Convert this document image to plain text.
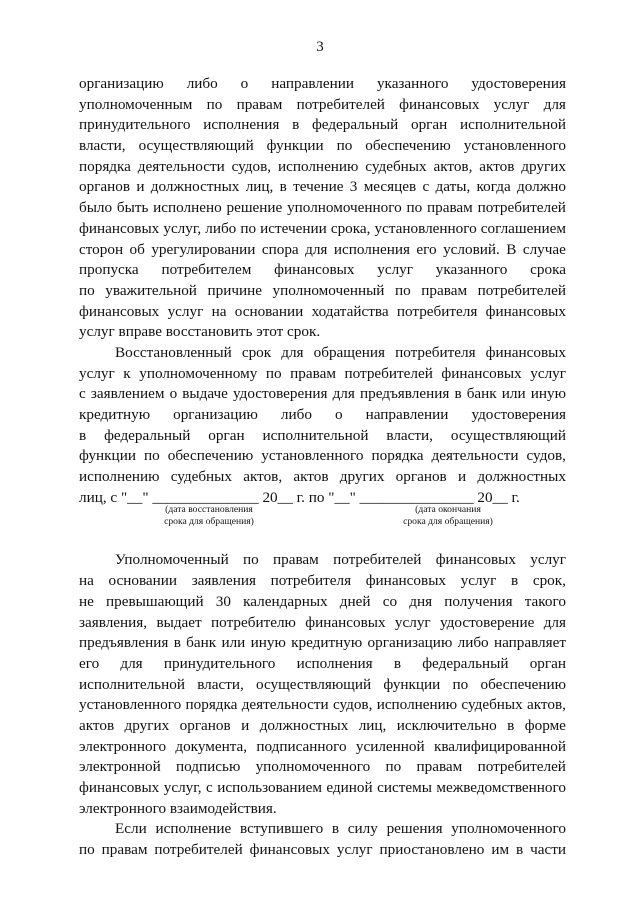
3
организацию либо о направлении указанного удостоверения
уполномоченным по правам потребителей финансовых услуг для
принудительного исполнения в федеральный орган исполнительной
власти, осуществляющий функции по обеспечению установленного
порядка деятельности судов, исполнению судебных актов, актов других
органов и должностных лиц, в течение 3 месяцев с даты, когда должно
было быть исполнено решение уполномоченного по правам потребителей
финансовых услуг, либо по истечении срока, установленного соглашением
сторон об урегулировании спора для исполнения его условий. В случае
пропуска потребителем финансовых услуг указанного срока
по уважительной причине уполномоченный по правам потребителей
финансовых услуг на основании ходатайства потребителя финансовых
услуг вправе восстановить этот срок.
Восстановленный срок для обращения потребителя финансовых
услуг к уполномоченному по правам потребителей финансовых услуг
с заявлением о выдаче удостоверения для предъявления в банк или иную
кредитную организацию либо о направлении удостоверения
в федеральный орган исполнительной власти, осуществляющий
функции по обеспечению установленного порядка деятельности судов,
исполнению судебных актов, актов других органов и должностных
лиц, с "__" ______________ 20__ г. по "__" _______________ 20__ г.
(дата восстановления
срока для обращения)
(дата окончания
срока для обращения)
Уполномоченный по правам потребителей финансовых услуг
на основании заявления потребителя финансовых услуг в срок,
не превышающий 30 календарных дней со дня получения такого
заявления, выдает потребителю финансовых услуг удостоверение для
предъявления в банк или иную кредитную организацию либо направляет
его для принудительного исполнения в федеральный орган
исполнительной власти, осуществляющий функции по обеспечению
установленного порядка деятельности судов, исполнению судебных актов,
актов других органов и должностных лиц, исключительно в форме
электронного документа, подписанного усиленной квалифицированной
электронной подписью уполномоченного по правам потребителей
финансовых услуг, с использованием единой системы межведомственного
электронного взаимодействия.
Если исполнение вступившего в силу решения уполномоченного
по правам потребителей финансовых услуг приостановлено им в части
